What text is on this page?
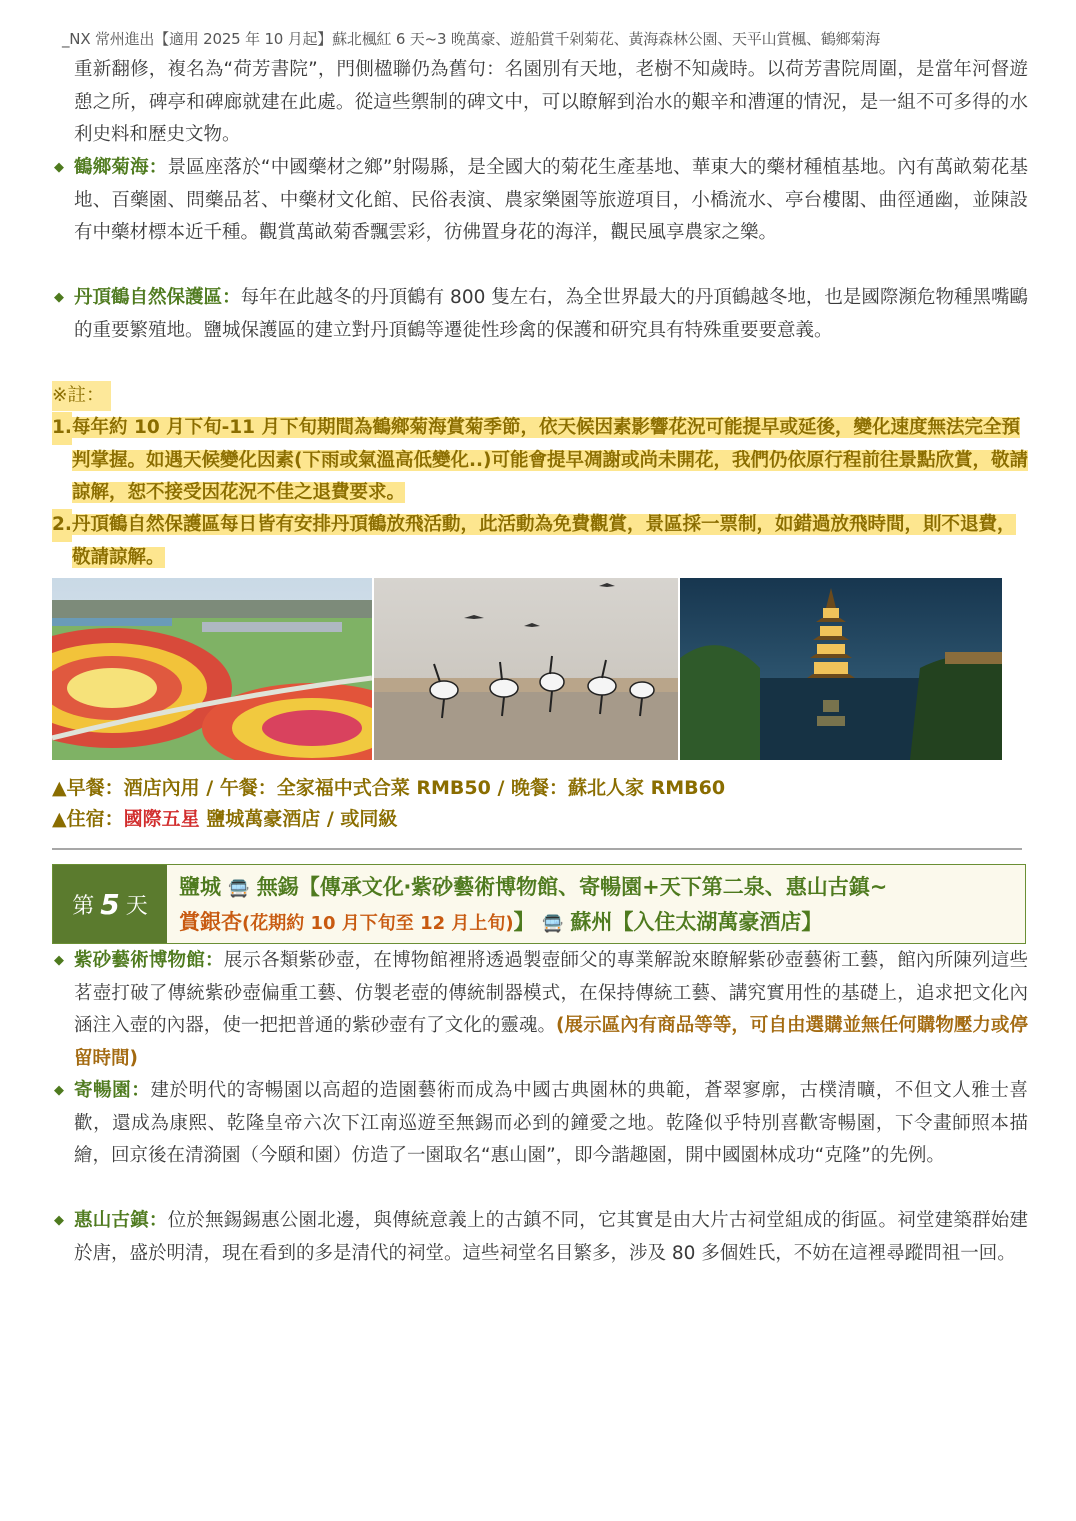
_NX 常州進出【適用 2025 年 10 月起】蘇北楓紅 6 天~3 晚萬豪、遊船賞千剁菊花、黃海森林公園、天平山賞楓、鶴鄉菊海

重新翻修，複名為“荷芳書院”，門側楹聯仍為舊句：名園別有天地，老樹不知歲時。以荷芳書院周圍，是當年河督遊憩之所，碑亭和碑廊就建在此處。從這些禦制的碑文中，可以瞭解到治水的艱辛和漕運的情況，是一組不可多得的水利史料和歷史文物。

◆ 鶴鄉菊海：景區座落於“中國藥材之鄉”射陽縣，是全國大的菊花生產基地、華東大的藥材種植基地。內有萬畝菊花基地、百藥園、問藥品茗、中藥材文化館、民俗表演、農家樂園等旅遊項目，小橋流水、亭台樓閣、曲徑通幽，並陳設有中藥材標本近千種。觀賞萬畝菊香飄雲彩，彷佛置身花的海洋，觀民風享農家之樂。

◆ 丹頂鶴自然保護區：每年在此越冬的丹頂鶴有 800 隻左右，為全世界最大的丹頂鶴越冬地，也是國際瀕危物種黑嘴鷗的重要繁殖地。鹽城保護區的建立對丹頂鶴等遷徙性珍禽的保護和研究具有特殊重要要意義。

※註：
1. 每年約 10 月下旬-11 月下旬期間為鶴鄉菊海賞菊季節，依天候因素影響花況可能提早或延後，變化速度無法完全預判掌握。如遇天候變化因素(下雨或氣溫高低變化..)可能會提早凋謝或尚未開花，我們仍依原行程前往景點欣賞，敬請諒解，恕不接受因花況不佳之退費要求。
2. 丹頂鶴自然保護區每日皆有安排丹頂鶴放飛活動，此活動為免費觀賞，景區採一票制，如錯過放飛時間，則不退費，敬請諒解。
▲早餐：酒店內用 / 午餐：全家福中式合菜 RMB50 / 晚餐：蘇北人家 RMB60
▲住宿：國際五星 鹽城萬豪酒店 / 或同級
第 5 天
鹽城 🚍 無錫【傳承文化‧紫砂藝術博物館、寄暢園+天下第二泉、惠山古鎮~
賞銀杏(花期約 10 月下旬至 12 月上旬)】 🚍 蘇州【入住太湖萬豪酒店】

◆ 紫砂藝術博物館：展示各類紫砂壺，在博物館裡將透過製壺師父的專業解說來瞭解紫砂壺藝術工藝，館內所陳列這些茗壺打破了傳統紫砂壺偏重工藝、仿製老壺的傳統制器模式，在保持傳統工藝、講究實用性的基礎上，追求把文化內涵注入壺的內器，使一把把普通的紫砂壺有了文化的靈魂。(展示區內有商品等等，可自由選購並無任何購物壓力或停留時間)

◆ 寄暢園：建於明代的寄暢園以高超的造園藝術而成為中國古典園林的典範，蒼翠寥廓，古樸清曠，不但文人雅士喜歡，還成為康熙、乾隆皇帝六次下江南巡遊至無錫而必到的鐘愛之地。乾隆似乎特別喜歡寄暢園，下令畫師照本描繪，回京後在清漪園（今頤和園）仿造了一園取名“惠山園”，即今諧趣園，開中國園林成功“克隆”的先例。

◆ 惠山古鎮：位於無錫錫惠公園北邊，與傳統意義上的古鎮不同，它其實是由大片古祠堂組成的街區。祠堂建築群始建於唐，盛於明清，現在看到的多是清代的祠堂。這些祠堂名目繁多，涉及 80 多個姓氏，不妨在這裡尋蹤問祖一回。
